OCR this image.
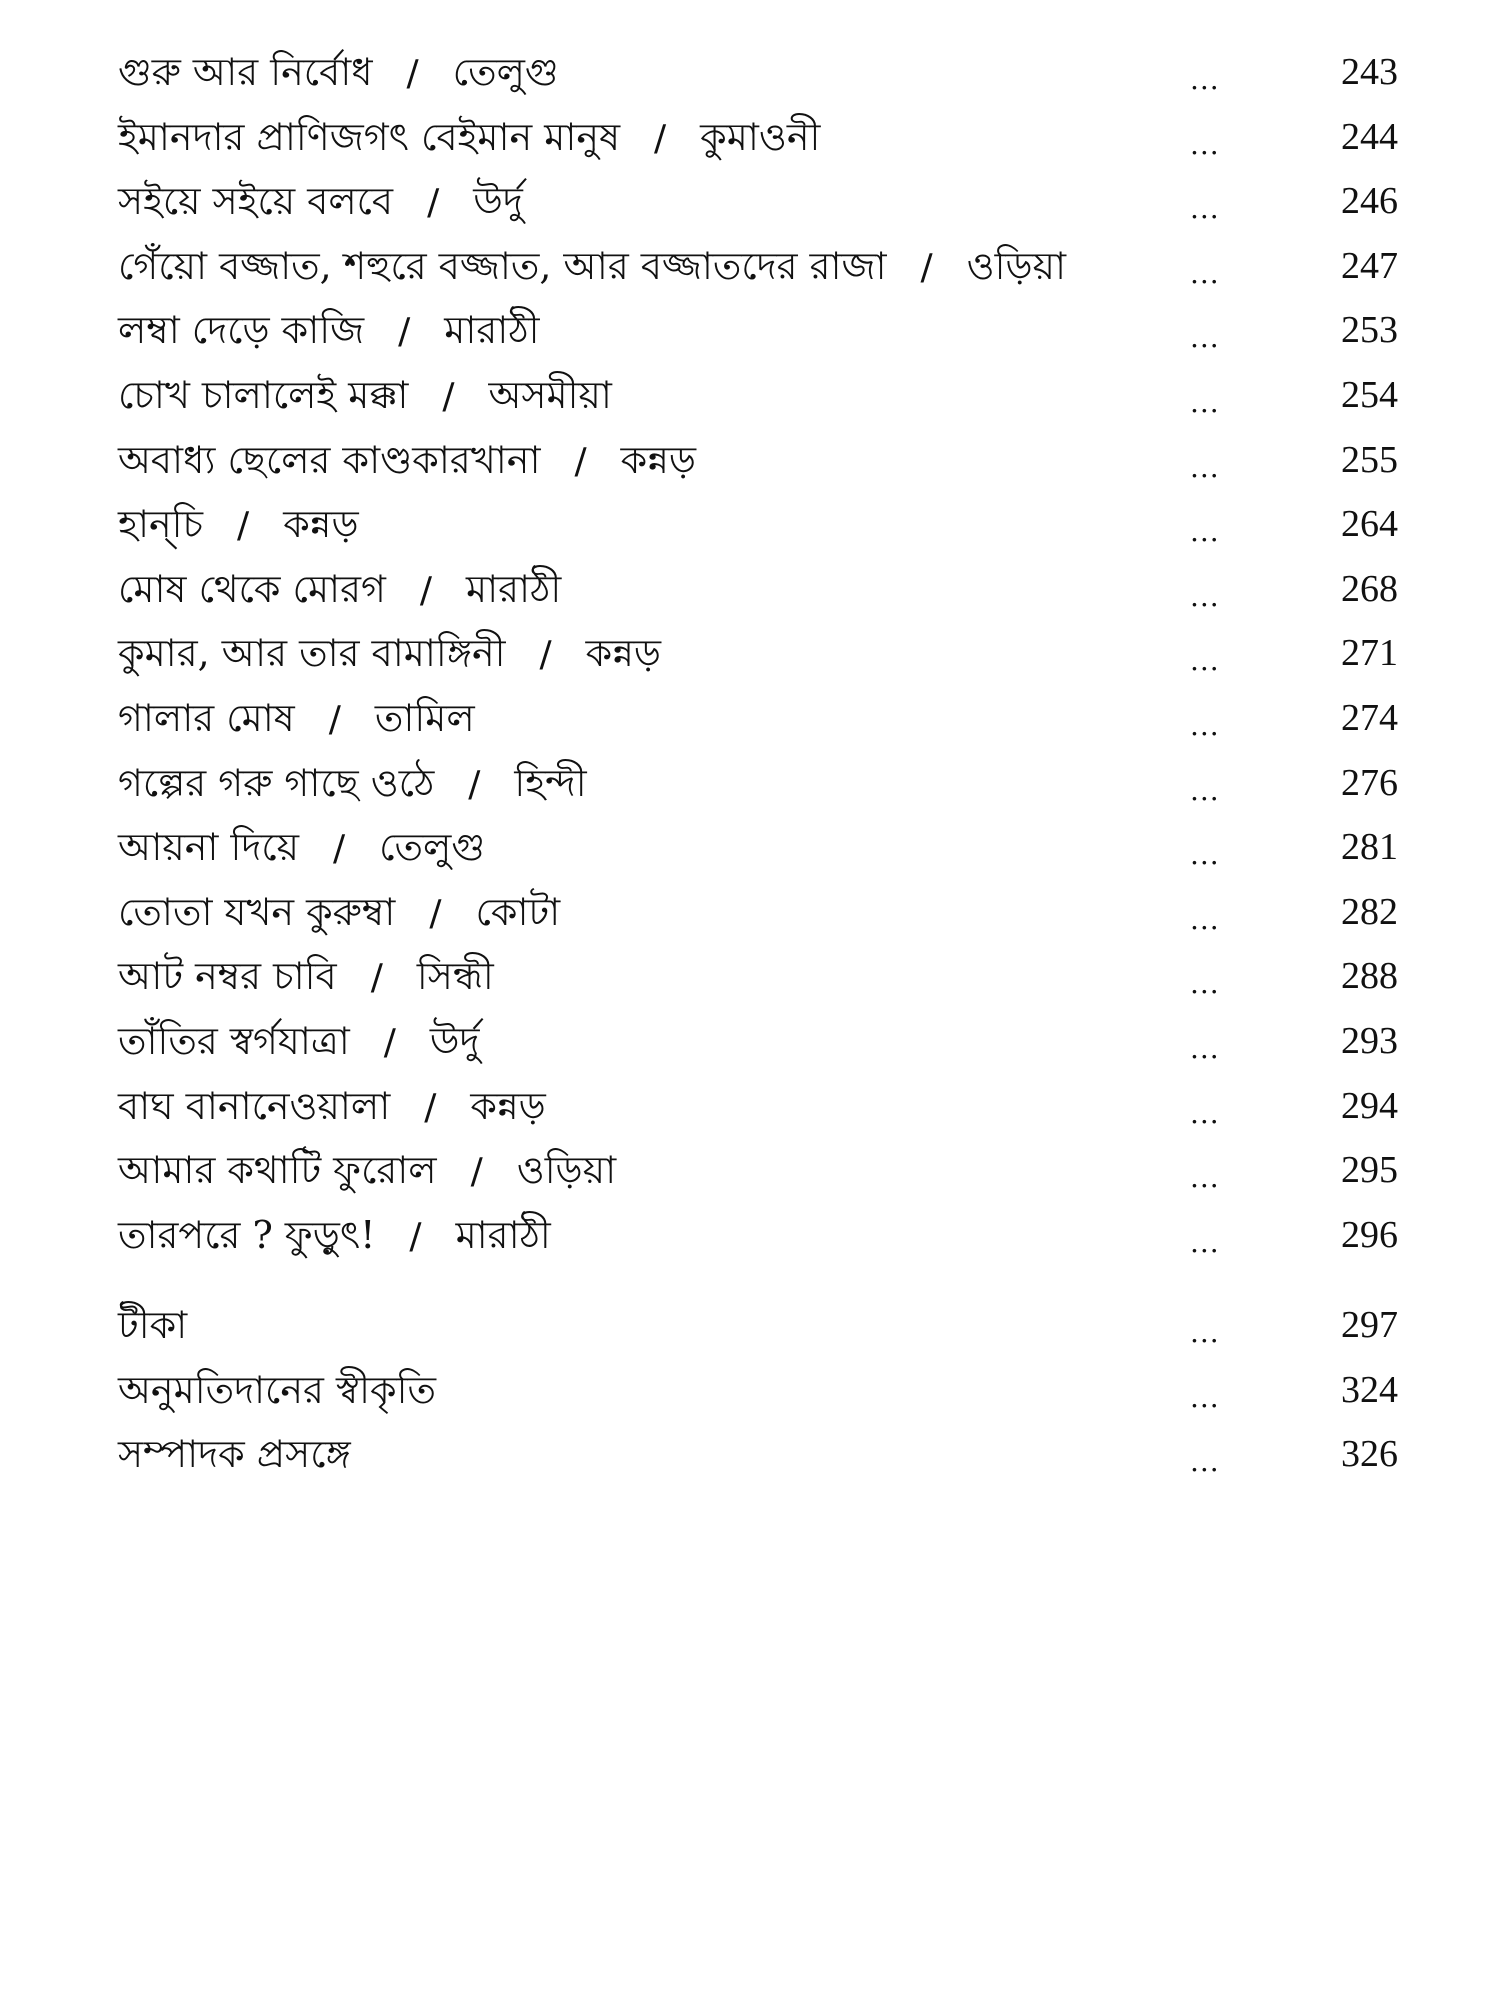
গুরু আর নির্বোধ / তেলুগু	...	243
ইমানদার প্রাণিজগৎ বেইমান মানুষ / কুমাওনী	...	244
সইয়ে সইয়ে বলবে / উর্দু	...	246
গেঁয়ো বজ্জাত, শহুরে বজ্জাত, আর বজ্জাতদের রাজা / ওড়িয়া	...	247
লম্বা দেড়ে কাজি / মারাঠী	...	253
চোখ চালালেই মক্কা / অসমীয়া	...	254
অবাধ্য ছেলের কাণ্ডকারখানা / কন্নড়	...	255
হান্‌চি / কন্নড়	...	264
মোষ থেকে মোরগ / মারাঠী	...	268
কুমার, আর তার বামাঙ্গিনী / কন্নড়	...	271
গালার মোষ / তামিল	...	274
গল্পের গরু গাছে ওঠে / হিন্দী	...	276
আয়না দিয়ে / তেলুগু	...	281
তোতা যখন কুরুম্বা / কোটা	...	282
আট নম্বর চাবি / সিন্ধী	...	288
তাঁতির স্বর্গযাত্রা / উর্দু	...	293
বাঘ বানানেওয়ালা / কন্নড়	...	294
আমার কথাটি ফুরোল / ওড়িয়া	...	295
তারপরে ? ফুড়ুৎ! / মারাঠী	...	296
টীকা	...	297
অনুমতিদানের স্বীকৃতি	...	324
সম্পাদক প্রসঙ্গে	...	326
